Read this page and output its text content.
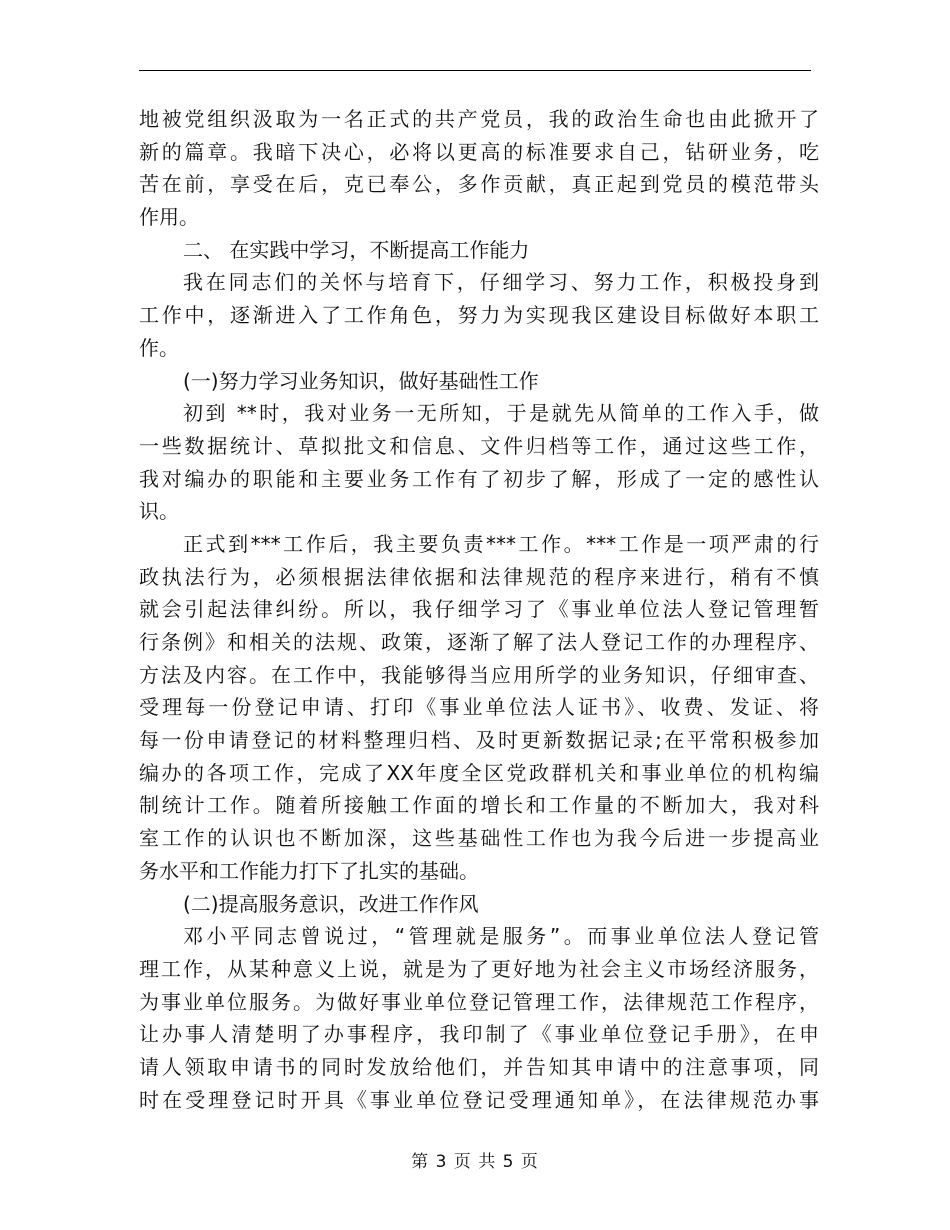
地被党组织汲取为一名正式的共产党员，我的政治生命也由此掀开了
新的篇章。我暗下决心，必将以更高的标准要求自己，钻研业务，吃
苦在前，享受在后，克已奉公，多作贡献，真正起到党员的模范带头
作用。
二、 在实践中学习，不断提高工作能力
我在同志们的关怀与培育下，仔细学习、努力工作，积极投身到
工作中，逐渐进入了工作角色，努力为实现我区建设目标做好本职工
作。
(一)努力学习业务知识，做好基础性工作
初到 **时，我对业务一无所知，于是就先从简单的工作入手，做
一些数据统计、草拟批文和信息、文件归档等工作，通过这些工作，
我对编办的职能和主要业务工作有了初步了解，形成了一定的感性认
识。
正式到***工作后，我主要负责***工作。***工作是一项严肃的行
政执法行为，必须根据法律依据和法律规范的程序来进行，稍有不慎
就会引起法律纠纷。所以，我仔细学习了《事业单位法人登记管理暂
行条例》和相关的法规、政策，逐渐了解了法人登记工作的办理程序、
方法及内容。在工作中，我能够得当应用所学的业务知识，仔细审查、
受理每一份登记申请、打印《事业单位法人证书》、收费、发证、将
每一份申请登记的材料整理归档、及时更新数据记录;在平常积极参加
编办的各项工作，完成了XX年度全区党政群机关和事业单位的机构编
制统计工作。随着所接触工作面的增长和工作量的不断加大，我对科
室工作的认识也不断加深，这些基础性工作也为我今后进一步提高业
务水平和工作能力打下了扎实的基础。
(二)提高服务意识，改进工作作风
邓小平同志曾说过，“管理就是服务”。而事业单位法人登记管
理工作，从某种意义上说，就是为了更好地为社会主义市场经济服务，
为事业单位服务。为做好事业单位登记管理工作，法律规范工作程序，
让办事人清楚明了办事程序，我印制了《事业单位登记手册》，在申
请人领取申请书的同时发放给他们，并告知其申请中的注意事项，同
时在受理登记时开具《事业单位登记受理通知单》，在法律规范办事
第 3 页 共 5 页
